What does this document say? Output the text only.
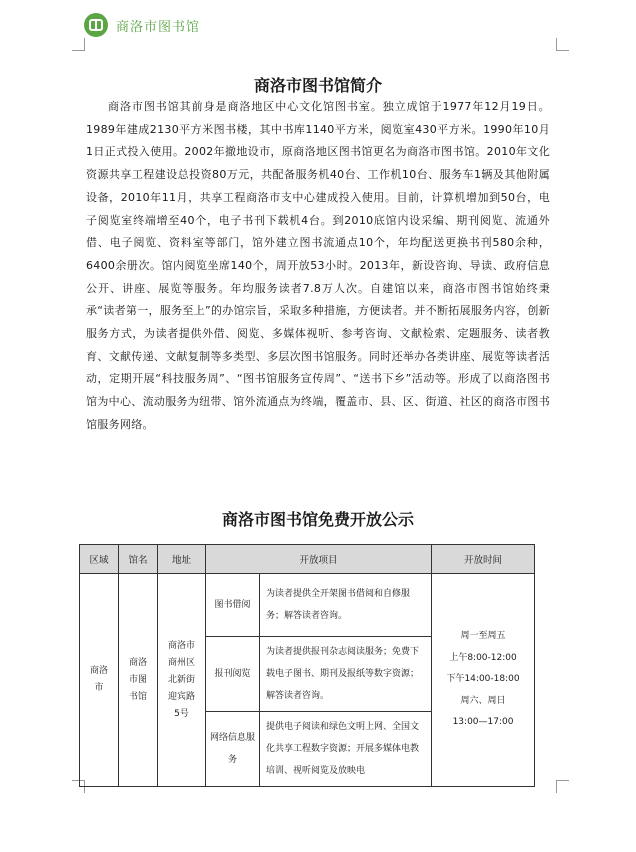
商洛市图书馆
商洛市图书馆简介

商洛市图书馆其前身是商洛地区中心文化馆图书室。独立成馆于1977年12月19日。1989年建成2130平方米图书楼，其中书库1140平方米，阅览室430平方米。1990年10月1日正式投入使用。2002年撤地设市，原商洛地区图书馆更名为商洛市图书馆。2010年文化资源共享工程建设总投资80万元，共配备服务机40台、工作机10台、服务车1辆及其他附属设备，2010年11月，共享工程商洛市支中心建成投入使用。目前，计算机增加到50台，电子阅览室终端增至40个，电子书刊下载机4台。到2010底馆内设采编、期刊阅览、流通外借、电子阅览、资料室等部门，馆外建立图书流通点10个，年均配送更换书刊580余种，6400余册次。馆内阅览坐席140个，周开放53小时。2013年，新设咨询、导读、政府信息公开、讲座、展览等服务。年均服务读者7.8万人次。自建馆以来，商洛市图书馆始终秉承“读者第一，服务至上”的办馆宗旨，采取多种措施，方便读者。并不断拓展服务内容，创新服务方式，为读者提供外借、阅览、多媒体视听、参考咨询、文献检索、定题服务、读者教育、文献传递、文献复制等多类型、多层次图书馆服务。同时还举办各类讲座、展览等读者活动，定期开展“科技服务周”、“图书馆服务宣传周”、“送书下乡”活动等。形成了以商洛图书馆为中心、流动服务为纽带、馆外流通点为终端，覆盖市、县、区、街道、社区的商洛市图书馆服务网络。

商洛市图书馆免费开放公示
区域	馆名	地址	开放项目		开放时间
商洛市	商洛市图书馆	商洛市商州区北新街迎宾路5号	图书借阅	为读者提供全开架图书借阅和自修服务；解答读者咨询。	周一至周五
上午8:00-12:00
下午14:00-18:00
周六、周日
13:00—17:00

			报刊阅览	为读者提供报刊杂志阅读服务；免费下载电子图书、期刊及报纸等数字资源；解答读者咨询。	
			网络信息服务	提供电子阅读和绿色文明上网、全国文化共享工程数字资源；开展多媒体电教培训、视听阅览及放映电	
